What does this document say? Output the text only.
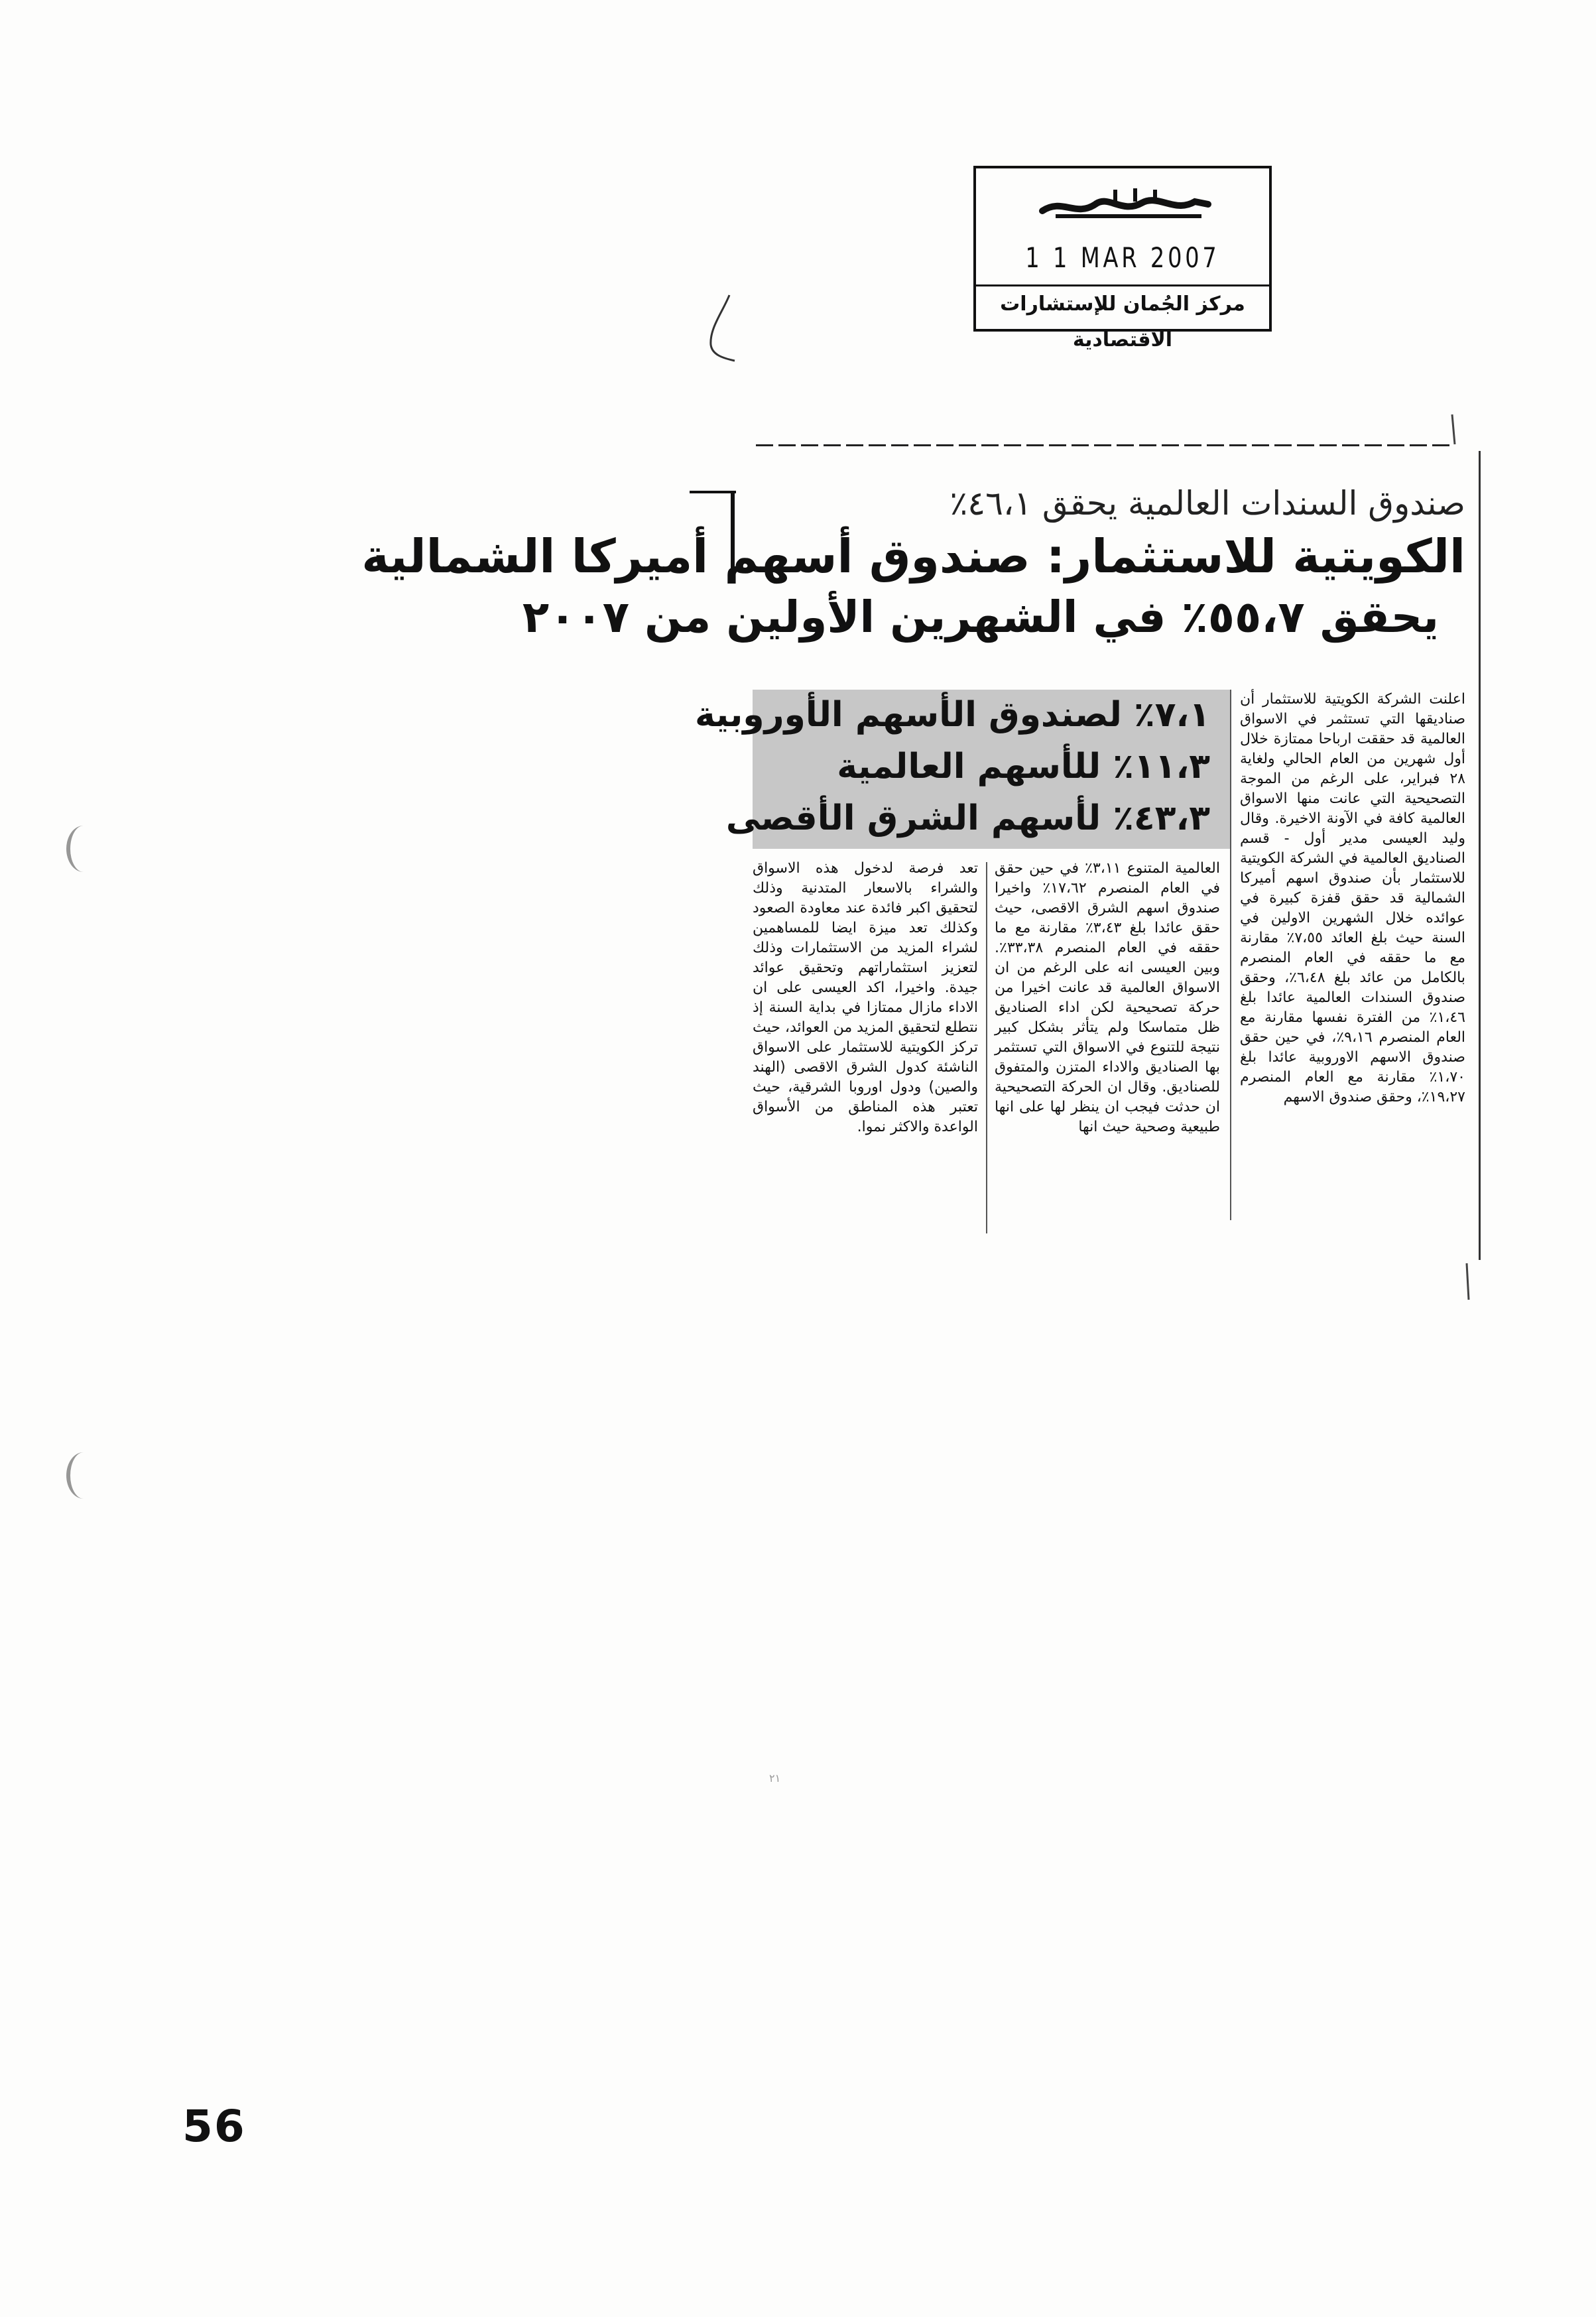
1 1 MAR 2007
مركز الجُمان للإستشارات الاقتصادية
صندوق السندات العالمية يحقق ٤٦،١٪
الكويتية للاستثمار: صندوق أسهم أميركا الشمالية
يحقق ٥٥،٧٪ في الشهرين الأولين من ٢٠٠٧
٧،١٪ لصندوق الأسهم الأوروبية
١١،٣٪ للأسهم العالمية
٤٣،٣٪ لأسهم الشرق الأقصى
اعلنت الشركة الكويتية للاستثمار أن صناديقها التي تستثمر في الاسواق العالمية قد حققت ارباحا ممتازة خلال أول شهرين من العام الحالي ولغاية ٢٨ فبراير، على الرغم من الموجة التصحيحية التي عانت منها الاسواق العالمية كافة في الآونة الاخيرة. وقال وليد العيسى مدير أول - قسم الصناديق العالمية في الشركة الكويتية للاستثمار بأن صندوق اسهم أميركا الشمالية قد حقق قفزة كبيرة في عوائده خلال الشهرين الاولين في السنة حيث بلغ العائد ٧،٥٥٪ مقارنة مع ما حققه في العام المنصرم بالكامل من عائد بلغ ٦،٤٨٪، وحقق صندوق السندات العالمية عائدا بلغ ١،٤٦٪ من الفترة نفسها مقارنة مع العام المنصرم ٩،١٦٪، في حين حقق صندوق الاسهم الاوروبية عائدا بلغ ١،٧٠٪ مقارنة مع العام المنصرم ١٩،٢٧٪، وحقق صندوق الاسهم
العالمية المتنوع ٣،١١٪ في حين حقق في العام المنصرم ١٧،٦٢٪ واخيرا صندوق اسهم الشرق الاقصى، حيث حقق عائدا بلغ ٣،٤٣٪ مقارنة مع ما حققه في العام المنصرم ٣٣،٣٨٪. وبين العيسى انه على الرغم من ان الاسواق العالمية قد عانت اخيرا من حركة تصحيحية لكن اداء الصناديق ظل متماسكا ولم يتأثر بشكل كبير نتيجة للتنوع في الاسواق التي تستثمر بها الصناديق والاداء المتزن والمتفوق للصناديق. وقال ان الحركة التصحيحية ان حدثت فيجب ان ينظر لها على انها طبيعية وصحية حيث انها
تعد فرصة لدخول هذه الاسواق والشراء بالاسعار المتدنية وذلك لتحقيق اكبر فائدة عند معاودة الصعود وكذلك تعد ميزة ايضا للمساهمين لشراء المزيد من الاستثمارات وذلك لتعزيز استثماراتهم وتحقيق عوائد جيدة. واخيرا، اكد العيسى على ان الاداء مازال ممتازا في بداية السنة إذ نتطلع لتحقيق المزيد من العوائد، حيث تركز الكويتية للاستثمار على الاسواق الناشئة كدول الشرق الاقصى (الهند والصين) ودول اوروبا الشرقية، حيث تعتبر هذه المناطق من الأسواق الواعدة والاكثر نموا.
٢١
56
